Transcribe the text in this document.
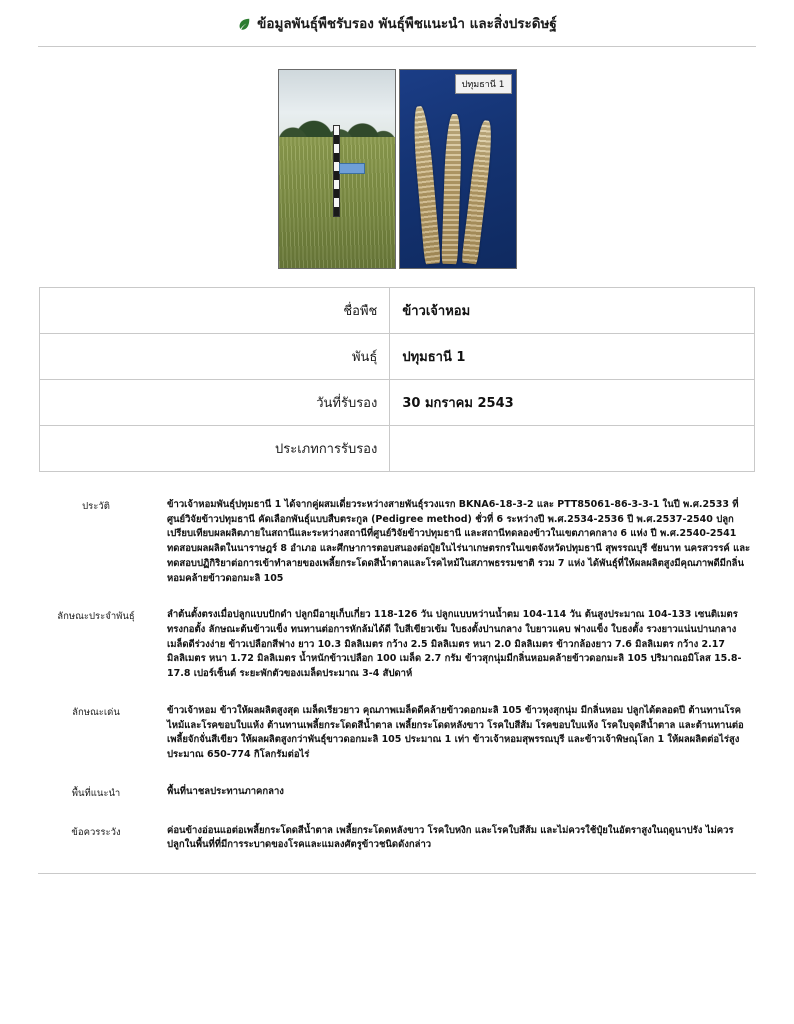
ข้อมูลพันธุ์พืชรับรอง พันธุ์พืชแนะนำ และสิ่งประดิษฐ์
ปทุมธานี 1
ชื่อพืช	ข้าวเจ้าหอม
พันธุ์	ปทุมธานี 1
วันที่รับรอง	30 มกราคม 2543
ประเภทการรับรอง	
ประวัติ	ข้าวเจ้าหอมพันธุ์ปทุมธานี 1 ได้จากคู่ผสมเดี่ยวระหว่างสายพันธุ์รวงแรก BKNA6-18-3-2 และ PTT85061-86-3-3-1 ในปี พ.ศ.2533 ที่ศูนย์วิจัยข้าวปทุมธานี คัดเลือกพันธุ์แบบสืบตระกูล (Pedigree method) ชั่วที่ 6 ระหว่างปี พ.ศ.2534-2536 ปี พ.ศ.2537-2540 ปลูกเปรียบเทียบผลผลิตภายในสถานีและระหว่างสถานีที่ศูนย์วิจัยข้าวปทุมธานี และสถานีทดลองข้าวในเขตภาคกลาง 6 แห่ง ปี พ.ศ.2540-2541 ทดสอบผลผลิตในนาราษฎร์ 8 อำเภอ และศึกษาการตอบสนองต่อปุ๋ยในไร่นาเกษตรกรในเขตจังหวัดปทุมธานี สุพรรณบุรี ชัยนาท นครสวรรค์ และทดสอบปฏิกิริยาต่อการเข้าทำลายของเพลี้ยกระโดดสีน้ำตาลและโรคไหม้ในสภาพธรรมชาติ รวม 7 แห่ง ได้พันธุ์ที่ให้ผลผลิตสูงมีคุณภาพดีมีกลิ่นหอมคล้ายข้าวดอกมะลิ 105
ลักษณะประจำพันธุ์	ลำต้นตั้งตรงเมื่อปลูกแบบปักดำ ปลูกมีอายุเก็บเกี่ยว 118-126 วัน ปลูกแบบหว่านน้ำตม 104-114 วัน ต้นสูงประมาณ 104-133 เซนติเมตร ทรงกอตั้ง ลักษณะต้นข้าวแข็ง ทนทานต่อการหักล้มได้ดี ใบสีเขียวเข้ม ใบธงตั้งปานกลาง ใบยาวแคบ ฟางแข็ง ใบธงตั้ง รวงยาวแน่นปานกลาง เมล็ดดีร่วงง่าย ข้าวเปลือกสีฟาง ยาว 10.3 มิลลิเมตร กว้าง 2.5 มิลลิเมตร หนา 2.0 มิลลิเมตร ข้าวกล้องยาว 7.6 มิลลิเมตร กว้าง 2.17 มิลลิเมตร หนา 1.72 มิลลิเมตร น้ำหนักข้าวเปลือก 100 เมล็ด 2.7 กรัม ข้าวสุกนุ่มมีกลิ่นหอมคล้ายข้าวดอกมะลิ 105 ปริมาณอมิโลส 15.8-17.8 เปอร์เซ็นต์ ระยะพักตัวของเมล็ดประมาณ 3-4 สัปดาห์
ลักษณะเด่น	ข้าวเจ้าหอม ข้าวให้ผลผลิตสูงสุด เมล็ดเรียวยาว คุณภาพเมล็ดดีคล้ายข้าวดอกมะลิ 105 ข้าวหุงสุกนุ่ม มีกลิ่นหอม ปลูกได้ตลอดปี ต้านทานโรคไหม้และโรคขอบใบแห้ง ต้านทานเพลี้ยกระโดดสีน้ำตาล เพลี้ยกระโดดหลังขาว โรคใบสีส้ม โรคขอบใบแห้ง โรคใบจุดสีน้ำตาล และต้านทานต่อเพลี้ยจักจั่นสีเขียว ให้ผลผลิตสูงกว่าพันธุ์ขาวดอกมะลิ 105 ประมาณ 1 เท่า ข้าวเจ้าหอมสุพรรณบุรี และข้าวเจ้าพิษณุโลก 1 ให้ผลผลิตต่อไร่สูงประมาณ 650-774 กิโลกรัมต่อไร่
พื้นที่แนะนำ	พื้นที่นาชลประทานภาคกลาง
ข้อควรระวัง	ค่อนข้างอ่อนแอต่อเพลี้ยกระโดดสีน้ำตาล เพลี้ยกระโดดหลังขาว โรคใบหงิก และโรคใบสีส้ม และไม่ควรใช้ปุ๋ยในอัตราสูงในฤดูนาปรัง ไม่ควรปลูกในพื้นที่ที่มีการระบาดของโรคและแมลงศัตรูข้าวชนิดดังกล่าว
